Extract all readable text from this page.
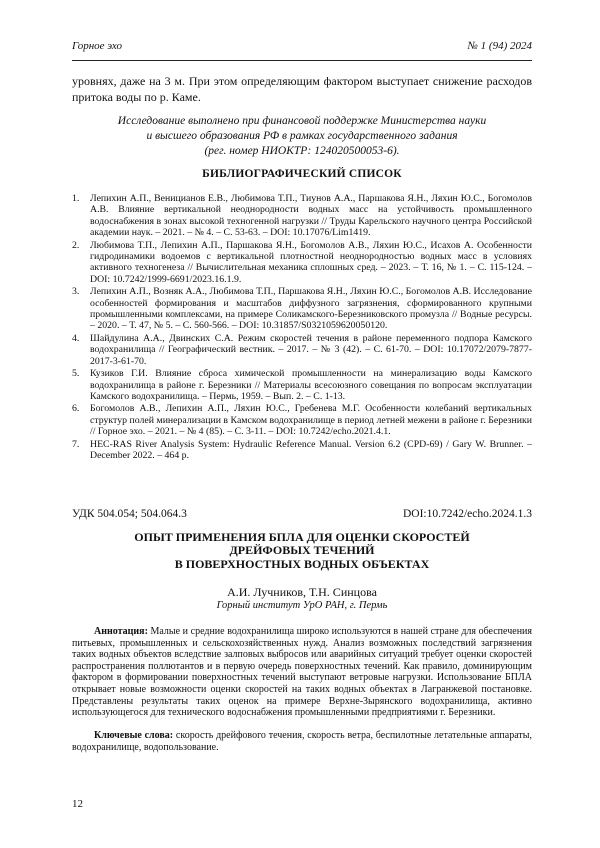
Горное эхо	№ 1 (94) 2024
уровнях, даже на 3 м. При этом определяющим фактором выступает снижение расходов притока воды по р. Каме.
Исследование выполнено при финансовой поддержке Министерства науки
и высшего образования РФ в рамках государственного задания
(рег. номер НИОКТР: 124020500053-6).
БИБЛИОГРАФИЧЕСКИЙ СПИСОК
1. Лепихин А.П., Веницианов Е.В., Любимова Т.П., Тиунов А.А., Паршакова Я.Н., Ляхин Ю.С., Богомолов А.В. Влияние вертикальной неоднородности водных масс на устойчивость промышленного водоснабжения в зонах высокой техногенной нагрузки // Труды Карельского научного центра Российской академии наук. – 2021. – № 4. – С. 53-63. – DOI: 10.17076/Lim1419.
2. Любимова Т.П., Лепихин А.П., Паршакова Я.Н., Богомолов А.В., Ляхин Ю.С., Исахов А. Особенности гидродинамики водоемов с вертикальной плотностной неоднородностью водных масс в условиях активного техногенеза // Вычислительная механика сплошных сред. – 2023. – Т. 16, № 1. – С. 115-124. – DOI: 10.7242/1999-6691/2023.16.1.9.
3. Лепихин А.П., Возняк А.А., Любимова Т.П., Паршакова Я.Н., Ляхин Ю.С., Богомолов А.В. Исследование особенностей формирования и масштабов диффузного загрязнения, сформированного крупными промышленными комплексами, на примере Соликамского-Березниковского промузла // Водные ресурсы. – 2020. – Т. 47, № 5. – С. 560-566. – DOI: 10.31857/S0321059620050120.
4. Шайдулина А.А., Двинских С.А. Режим скоростей течения в районе переменного подпора Камского водохранилища // Географический вестник. – 2017. – № 3 (42). – С. 61-70. – DOI: 10.17072/2079-7877-2017-3-61-70.
5. Кузиков Г.И. Влияние сброса химической промышленности на минерализацию воды Камского водохранилища в районе г. Березники // Материалы всесоюзного совещания по вопросам эксплуатации Камского водохранилища. – Пермь, 1959. – Вып. 2. – С. 1-13.
6. Богомолов А.В., Лепихин А.П., Ляхин Ю.С., Гребенева М.Г. Особенности колебаний вертикальных структур полей минерализации в Камском водохранилище в период летней межени в районе г. Березники // Горное эхо. – 2021. – № 4 (85). – С. 3-11. – DOI: 10.7242/echo.2021.4.1.
7. HEC-RAS River Analysis System: Hydraulic Reference Manual. Version 6.2 (CPD-69) / Gary W. Brunner. – December 2022. – 464 p.
УДК 504.054; 504.064.3	DOI:10.7242/echo.2024.1.3
ОПЫТ ПРИМЕНЕНИЯ БПЛА ДЛЯ ОЦЕНКИ СКОРОСТЕЙ
ДРЕЙФОВЫХ ТЕЧЕНИЙ
В ПОВЕРХНОСТНЫХ ВОДНЫХ ОБЪЕКТАХ
А.И. Лучников, Т.Н. Синцова
Горный институт УрО РАН, г. Пермь
Аннотация: Малые и средние водохранилища широко используются в нашей стране для обеспечения питьевых, промышленных и сельскохозяйственных нужд. Анализ возможных последствий загрязнения таких водных объектов вследствие залповых выбросов или аварийных ситуаций требует оценки скоростей распространения поллютантов и в первую очередь поверхностных течений. Как правило, доминирующим фактором в формировании поверхностных течений выступают ветровые нагрузки. Использование БПЛА открывает новые возможности оценки скоростей на таких водных объектах в Лагранжевой постановке. Представлены результаты таких оценок на примере Верхне-Зырянского водохранилища, активно использующегося для технического водоснабжения промышленными предприятиями г. Березники.
Ключевые слова: скорость дрейфового течения, скорость ветра, беспилотные летательные аппараты, водохранилище, водопользование.
12
